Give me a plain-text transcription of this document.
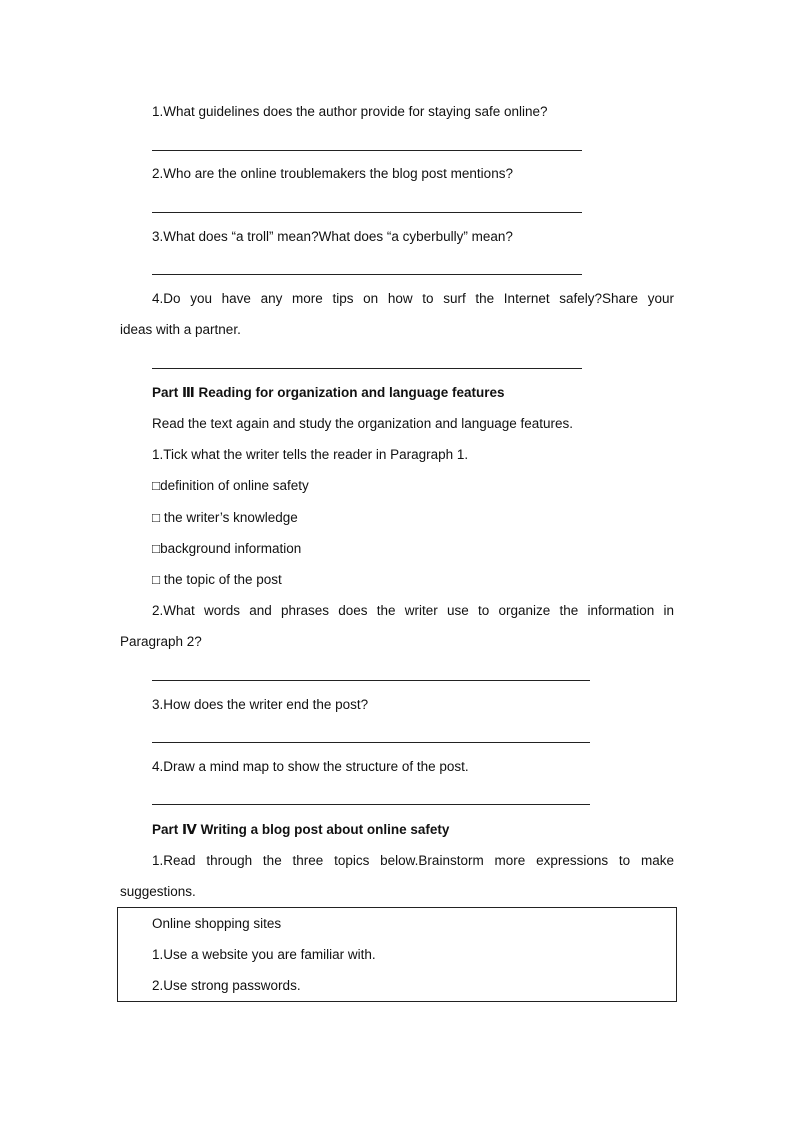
1.What guidelines does the author provide for staying safe online?
2.Who are the online troublemakers the blog post mentions?
3.What does “a troll” mean?What does “a cyberbully” mean?
4.Do you have any more tips on how to surf the Internet safely?Share your
ideas with a partner.
Part Ⅲ Reading for organization and language features
Read the text again and study the organization and language features.
1.Tick what the writer tells the reader in Paragraph 1.
□definition of online safety
□ the writer’s knowledge
□background information
□ the topic of the post
2.What words and phrases does the writer use to organize the information in
Paragraph 2?
3.How does the writer end the post?
4.Draw a mind map to show the structure of the post.
Part Ⅳ Writing a blog post about online safety
1.Read through the three topics below.Brainstorm more expressions to make
suggestions.
Online shopping sites
1.Use a website you are familiar with.
2.Use strong passwords.
